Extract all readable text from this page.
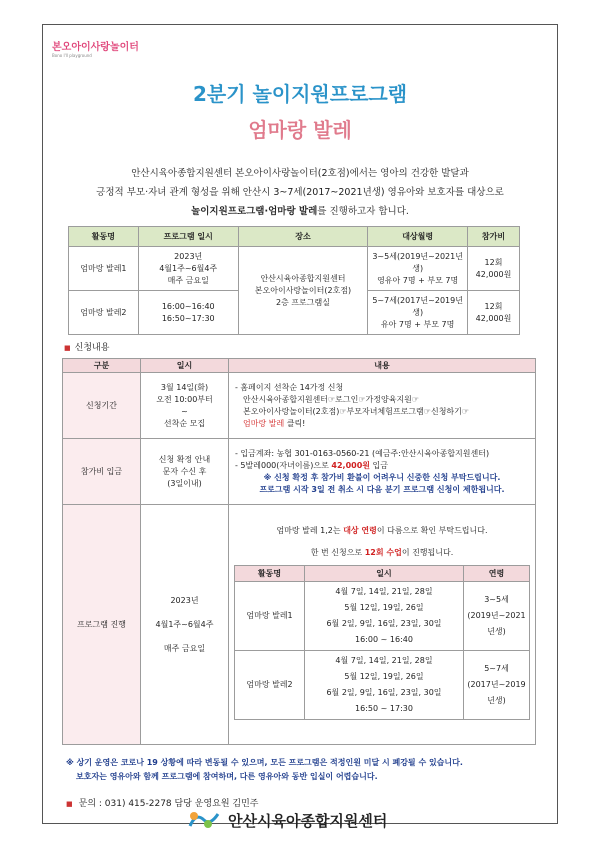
본오아이사랑놀이터
Bono I'll playground
2분기 놀이지원프로그램
엄마랑 발레
안산시육아종합지원센터 본오아이사랑놀이터(2호점)에서는 영아의 건강한 발달과
긍정적 부모·자녀 관계 형성을 위해 안산시 3~7세(2017~2021년생) 영유아와 보호자를 대상으로
놀이지원프로그램·엄마랑 발레를 진행하고자 합니다.
활동명	프로그램 일시	장소	대상월령	참가비
엄마랑 발레1	2023년
4월1주~6월4주
매주 금요일	안산시육아종합지원센터
본오아이사랑놀이터(2호점)
2층 프로그램실	3~5세(2019년~2021년생)
영유아 7명 + 부모 7명	12회
42,000원
엄마랑 발레2	16:00~16:40
16:50~17:30		5~7세(2017년~2019년생)
유아 7명 + 부모 7명	12회
42,000원
■ 신청내용
구분	일시	내용
신청기간	3월 14일(화)
오전 10:00부터
~
선착순 모집	
- 홈페이지 선착순 14가정 신청
안산시육아종합지원센터☞로그인☞가정양육지원☞
본오아이사랑놀이터(2호점)☞부모자녀체험프로그램☞신청하기☞
엄마랑 발레 클릭!

참가비 입금	신청 확정 안내
문자 수신 후
(3일이내)	
- 입금계좌: 농협 301-0163-0560-21 (예금주:안산시육아종합지원센터)
- 5발레000(자녀이름)으로 42,000원 입금
※ 신청 확정 후 참가비 환불이 어려우니 신중한 신청 부탁드립니다.
프로그램 시작 3일 전 취소 시 다음 분기 프로그램 신청이 제한됩니다.

프로그램 진행	2023년

4월1주~6월4주

매주 금요일	
엄마랑 발레 1,2는 대상 연령이 다름으로 확인 부탁드립니다.
한 번 신청으로 12회 수업이 진행됩니다.
활동명	일시	연령
엄마랑 발레1	4월 7일, 14일, 21일, 28일
5월 12일, 19일, 26일
6월 2일, 9일, 16일, 23일, 30일
16:00 ~ 16:40	3~5세
(2019년~2021
년생)
엄마랑 발레2	4월 7일, 14일, 21일, 28일
5월 12일, 19일, 26일
6월 2일, 9일, 16일, 23일, 30일
16:50 ~ 17:30	5~7세
(2017년~2019
년생)
※ 상기 운영은 코로나 19 상황에 따라 변동될 수 있으며, 모든 프로그램은 적정인원 미달 시 폐강될 수 있습니다.
보호자는 영유아와 함께 프로그램에 참여하며, 다른 영유아와 동반 입실이 어렵습니다.
■ 문의 : 031) 415-2278 담당 운영요원 김민주
안산시육아종합지원센터
